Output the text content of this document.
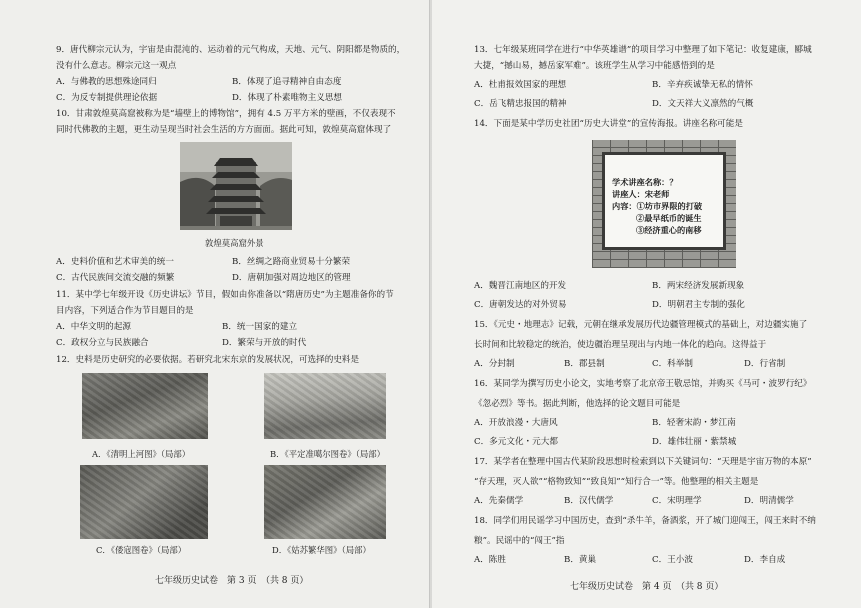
9．唐代柳宗元认为，宇宙是由混沌的、运动着的元气构成，天地、元气、阴阳都是物质的，
没有什么意志。柳宗元这一观点
A．与佛教的思想殊途同归	B．体现了追寻精神自由态度
C．为反专制提供理论依据	D．体现了朴素唯物主义思想
10．甘肃敦煌莫高窟被称为是“墙壁上的博物馆”，拥有 4.5 万平方米的壁画，不仅表现不
同时代佛教的主题，更生动呈现当时社会生活的方方面面。据此可知，敦煌莫高窟体现了
敦煌莫高窟外景
A．史料价值和艺术审美的统一	B．丝绸之路商业贸易十分繁荣
C．古代民族间交流交融的频繁	D．唐朝加强对周边地区的管理
11．某中学七年级开设《历史讲坛》节目，假如由你准备以“隋唐历史”为主题准备你的节
目内容，下列适合作为节目题目的是
A．中华文明的起源	B．统一国家的建立
C．政权分立与民族融合	D．繁荣与开放的时代
12．史料是历史研究的必要依据。若研究北宋东京的发展状况，可选择的史料是
A．《清明上河图》（局部）	B．《平定准噶尔图卷》（局部）
C．《倭寇图卷》（局部）	D．《姑苏繁华图》（局部）
七年级历史试卷　第 3 页　（共 8 页）
13．七年级某班同学在进行“中华英雄谱”的项目学习中整理了如下笔记：收复建康，郾城
大捷，“撼山易，撼岳家军难”。该班学生从学习中能感悟到的是
A．杜甫报效国家的理想	B．辛弃疾诚挚无私的情怀
C．岳飞精忠报国的精神	D．文天祥大义凛然的气概
14．下面是某中学历史社团“历史大讲堂”的宣传海报。讲座名称可能是
学术讲座名称：？
讲座人：宋老师
内容：①坊市界限的打破
②最早纸币的诞生
③经济重心的南移
A．魏晋江南地区的开发	B．两宋经济发展新现象
C．唐朝发达的对外贸易	D．明朝君主专制的强化
15．《元史・地理志》记载，元朝在继承发展历代边疆管理模式的基础上，对边疆实施了
长时间和比较稳定的统治，使边疆治理呈现出与内地一体化的趋向。这得益于
A．分封制	B．郡县制	C．科举制	D．行省制
16．某同学为撰写历史小论文，实地考察了北京帝王敬忌馆，并购买《马可・波罗行纪》
《忽必烈》等书。据此判断，他选择的论文题目可能是
A．开放浪漫・大唐风	B．轻奢宋韵・梦江南
C．多元文化・元大都	D．雄伟壮丽・紫禁城
17．某学者在整理中国古代某阶段思想时检索到以下关键词句：“天理是宇宙万物的本原”
“存天理，灭人欲”“格物致知”“致良知”“知行合一”等。他整理的相关主题是
A．先秦儒学	B．汉代儒学	C．宋明理学	D．明清儒学
18．同学们用民谣学习中国历史，查到“杀牛羊，备酒浆，开了城门迎闯王，闯王来时不纳
粮”。民谣中的“闯王”指
A．陈胜	B．黄巢	C．王小波	D．李自成
七年级历史试卷　第 4 页　（共 8 页）
